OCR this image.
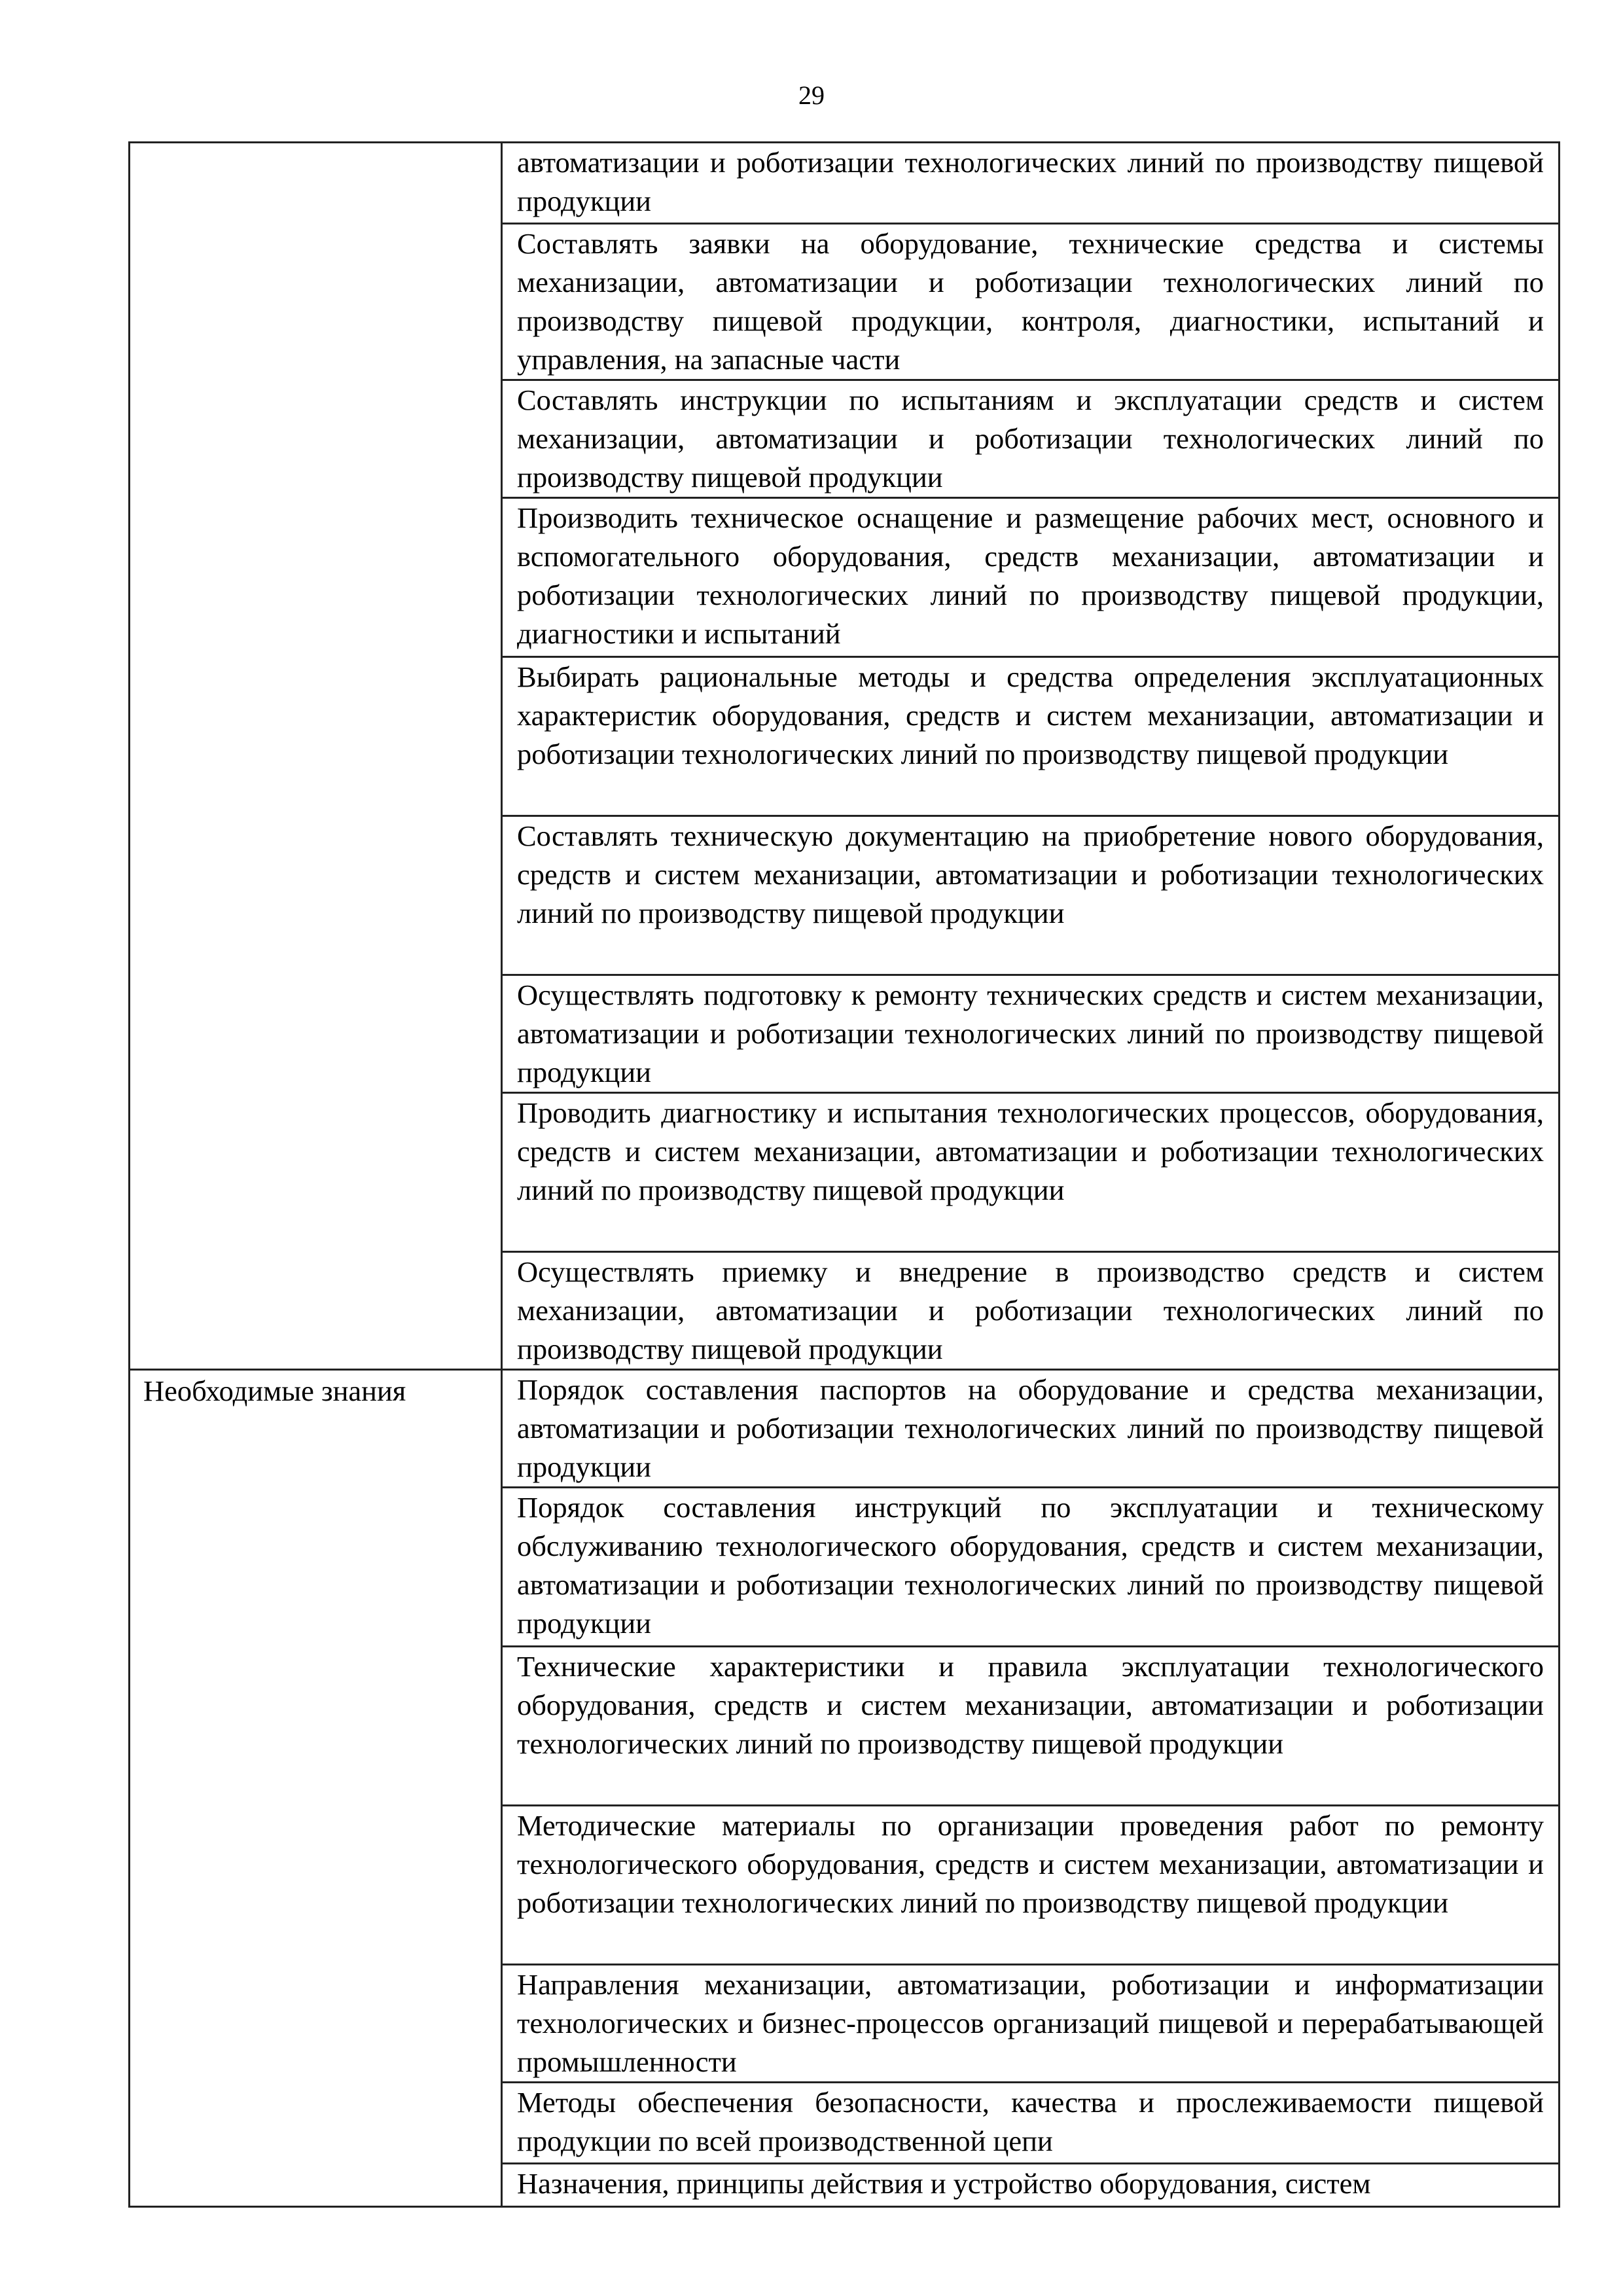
29

	автоматизации и роботизации технологических линий по производству пищевой продукции

	Составлять заявки на оборудование, технические средства и системы механизации, автоматизации и роботизации технологических линий по производству пищевой продукции, контроля, диагностики, испытаний и управления, на запасные части

	Составлять инструкции по испытаниям и эксплуатации средств и систем механизации, автоматизации и роботизации технологических линий по производству пищевой продукции

	Производить техническое оснащение и размещение рабочих мест, основного и вспомогательного оборудования, средств механизации, автоматизации и роботизации технологических линий по производству пищевой продукции, диагностики и испытаний

	Выбирать рациональные методы и средства определения эксплуатационных характеристик оборудования, средств и систем механизации, автоматизации и роботизации технологических линий по производству пищевой продукции

	Составлять техническую документацию на приобретение нового оборудования, средств и систем механизации, автоматизации и роботизации технологических линий по производству пищевой продукции

	Осуществлять подготовку к ремонту технических средств и систем механизации, автоматизации и роботизации технологических линий по производству пищевой продукции

	Проводить диагностику и испытания технологических процессов, оборудования, средств и систем механизации, автоматизации и роботизации технологических линий по производству пищевой продукции

	Осуществлять приемку и внедрение в производство средств и систем механизации, автоматизации и роботизации технологических линий по производству пищевой продукции

Необходимые знания	Порядок составления паспортов на оборудование и средства механизации, автоматизации и роботизации технологических линий по производству пищевой продукции

	Порядок составления инструкций по эксплуатации и техническому обслуживанию технологического оборудования, средств и систем механизации, автоматизации и роботизации технологических линий по производству пищевой продукции

	Технические характеристики и правила эксплуатации технологического оборудования, средств и систем механизации, автоматизации и роботизации технологических линий по производству пищевой продукции

	Методические материалы по организации проведения работ по ремонту технологического оборудования, средств и систем механизации, автоматизации и роботизации технологических линий по производству пищевой продукции

	Направления механизации, автоматизации, роботизации и информатизации технологических и бизнес-процессов организаций пищевой и перерабатывающей промышленности

	Методы обеспечения безопасности, качества и прослеживаемости пищевой продукции по всей производственной цепи

	Назначения, принципы действия и устройство оборудования, систем
